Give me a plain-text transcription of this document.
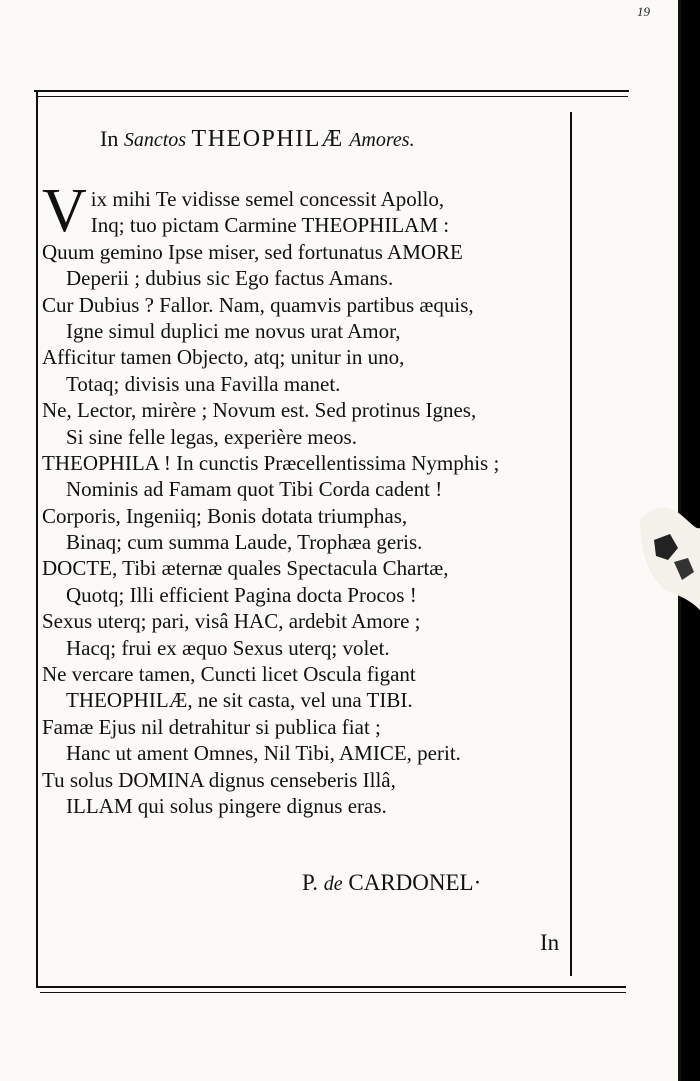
19
In Sanctos THEOPHILÆ Amores.
V ix mihi Te vidisse semel concessit Apollo,
Inq; tuo pictam Carmine THEOPHILAM :
Quum gemino Ipse miser, sed fortunatus AMORE
Deperii ; dubius sic Ego factus Amans.
Cur Dubius ? Fallor. Nam, quamvis partibus æquis,
Igne simul duplici me novus urat Amor,
Afficitur tamen Objecto, atq; unitur in uno,
Totaq; divisis una Favilla manet.
Ne, Lector, mirère ; Novum est. Sed protinus Ignes,
Si sine felle legas, experière meos.
THEOPHILA ! In cunctis Præcellentissima Nymphis ;
Nominis ad Famam quot Tibi Corda cadent !
Corporis, Ingeniiq; Bonis dotata triumphas,
Binaq; cum summa Laude, Trophæa geris.
DOCTE, Tibi æternæ quales Spectacula Chartæ,
Quotq; Illi efficient Pagina docta Procos !
Sexus uterq; pari, visâ HAC, ardebit Amore ;
Hacq; frui ex æquo Sexus uterq; volet.
Ne vercare tamen, Cuncti licet Oscula figant
THEOPHILÆ, ne sit casta, vel una TIBI.
Famæ Ejus nil detrahitur si publica fiat ;
Hanc ut ament Omnes, Nil Tibi, AMICE, perit.
Tu solus DOMINA dignus censeberis Illâ,
ILLAM qui solus pingere dignus eras.
P. de CARDONEL·
In
